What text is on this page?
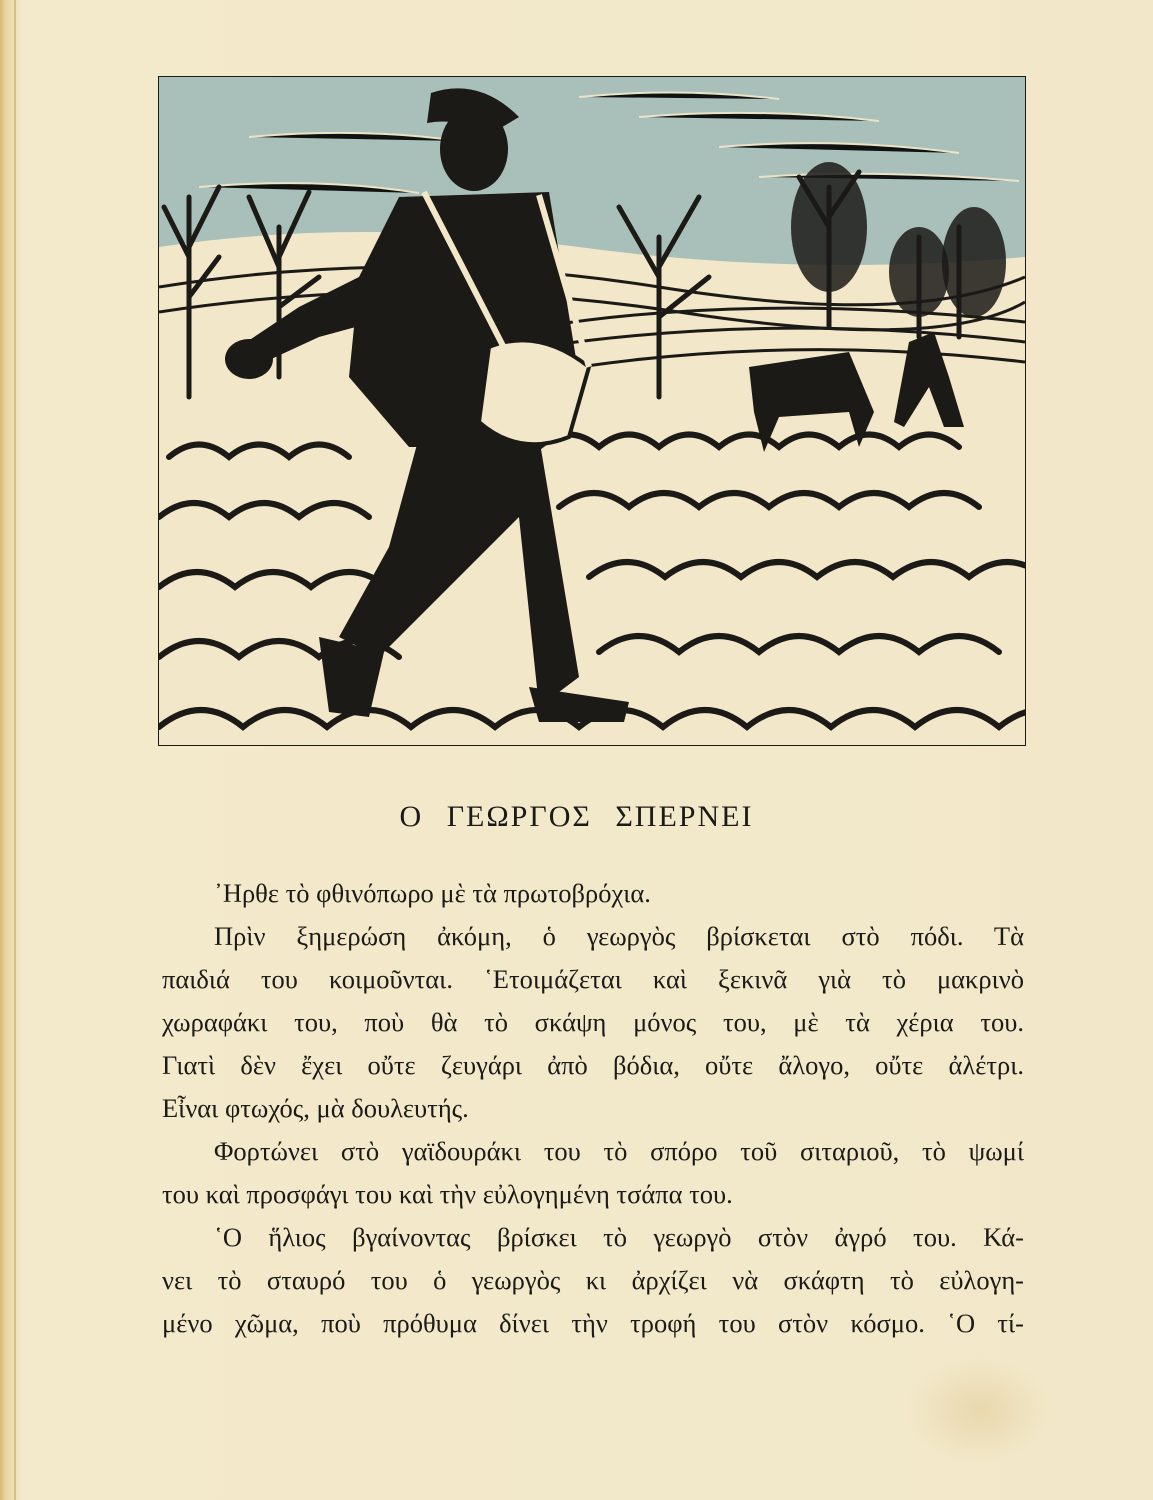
Ο ΓΕΩΡΓΟΣ ΣΠΕΡΝΕΙ
᾿Ηρθε τὸ φθινόπωρο μὲ τὰ πρωτοβρόχια.
Πρὶν ξημερώση ἀκόμη, ὁ γεωργὸς βρίσκεται στὸ πόδι. Τὰ
παιδιά του κοιμοῦνται. ῾Ετοιμάζεται καὶ ξεκινᾶ γιὰ τὸ μακρινὸ
χωραφάκι του, ποὺ θὰ τὸ σκάψη μόνος του, μὲ τὰ χέρια του.
Γιατὶ δὲν ἔχει οὔτε ζευγάρι ἀπὸ βόδια, οὔτε ἄλογο, οὔτε ἀλέτρι.
Εἶναι φτωχός, μὰ δουλευτής.
Φορτώνει στὸ γαϊδουράκι του τὸ σπόρο τοῦ σιταριοῦ, τὸ ψωμί
του καὶ προσφάγι του καὶ τὴν εὐλογημένη τσάπα του.
῾Ο ἥλιος βγαίνοντας βρίσκει τὸ γεωργὸ στὸν ἀγρό του. Κά-
νει τὸ σταυρό του ὁ γεωργὸς κι ἀρχίζει νὰ σκάφτη τὸ εὐλογη-
μένο χῶμα, ποὺ πρόθυμα δίνει τὴν τροφή του στὸν κόσμο. ῾Ο τί-
